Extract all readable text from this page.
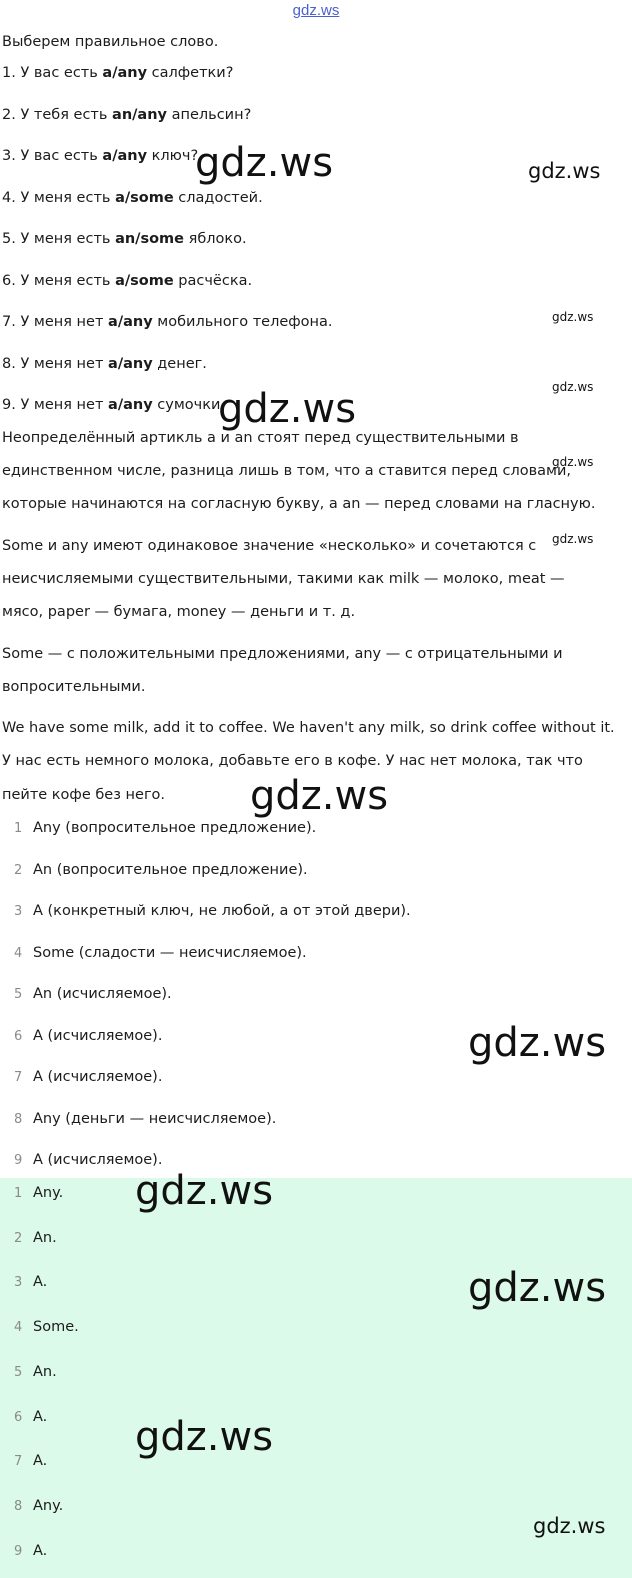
gdz.ws
Выберем правильное слово.
1. У вас есть a/any салфетки?
2. У тебя есть an/any апельсин?
3. У вас есть a/any ключ?
4. У меня есть a/some сладостей.
5. У меня есть an/some яблоко.
6. У меня есть a/some расчёска.
7. У меня нет a/any мобильного телефона.
8. У меня нет a/any денег.
9. У меня нет a/any сумочки.
Неопределённый артикль а и an стоят перед существительными в
единственном числе, разница лишь в том, что а ставится перед словами,
которые начинаются на согласную букву, а an — перед словами на гласную.
Some и any имеют одинаковое значение «несколько» и сочетаются с
неисчисляемыми существительными, такими как milk — молоко, meat —
мясо, paper — бумага, money — деньги и т. д.
Some — с положительными предложениями, any — с отрицательными и
вопросительными.
We have some milk, add it to coffee. We haven't any milk, so drink coffee without it.
У нас есть немного молока, добавьте его в кофе. У нас нет молока, так что
пейте кофе без него.
1 Any (вопросительное предложение).
2 An (вопросительное предложение).
3 A (конкретный ключ, не любой, а от этой двери).
4 Some (сладости — неисчисляемое).
5 An (исчисляемое).
6 A (исчисляемое).
7 A (исчисляемое).
8 Any (деньги — неисчисляемое).
9 A (исчисляемое).
1 Any.
2 An.
3 A.
4 Some.
5 An.
6 A.
7 A.
8 Any.
9 A.
gdz.ws	gdz.ws
gdz.ws
gdz.ws
gdz.ws
gdz.ws
gdz.ws
gdz.ws
gdz.ws
gdz.ws
gdz.ws
gdz.ws
gdz.ws
